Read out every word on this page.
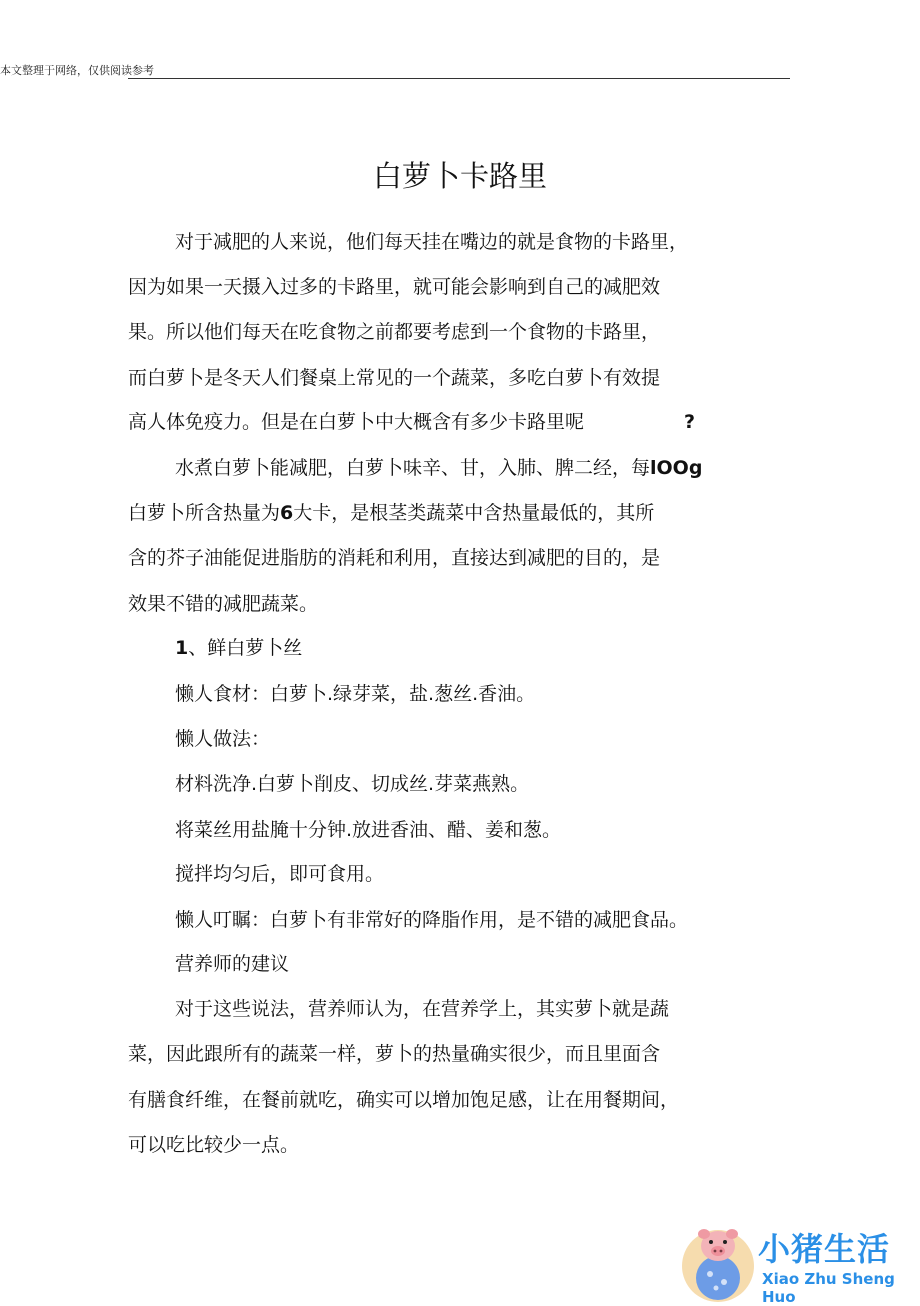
本文整理于网络，仅供阅读参考
白萝卜卡路里
对于减肥的人来说，他们每天挂在嘴边的就是食物的卡路里，
因为如果一天摄入过多的卡路里，就可能会影响到自己的减肥效
果。所以他们每天在吃食物之前都要考虑到一个食物的卡路里，
而白萝卜是冬天人们餐桌上常见的一个蔬菜，多吃白萝卜有效提
高人体免疫力。但是在白萝卜中大概含有多少卡路里呢	?
水煮白萝卜能减肥，白萝卜味辛、甘，入肺、脾二经，每lOOg
白萝卜所含热量为6大卡，是根茎类蔬菜中含热量最低的，其所
含的芥子油能促进脂肪的消耗和利用，直接达到减肥的目的，是
效果不错的减肥蔬菜。
1、鲜白萝卜丝
懒人食材：白萝卜.绿芽菜，盐.葱丝.香油。
懒人做法：
材料洗净.白萝卜削皮、切成丝.芽菜燕熟。
将菜丝用盐腌十分钟.放进香油、醋、姜和葱。
搅拌均匀后，即可食用。
懒人叮瞩：白萝卜有非常好的降脂作用，是不错的减肥食品。
营养师的建议
对于这些说法，营养师认为，在营养学上，其实萝卜就是蔬
菜，因此跟所有的蔬菜一样，萝卜的热量确实很少，而且里面含
有膳食纤维，在餐前就吃，确实可以增加饱足感，让在用餐期间，
可以吃比较少一点。
小猪生活
Xiao Zhu Sheng Huo
